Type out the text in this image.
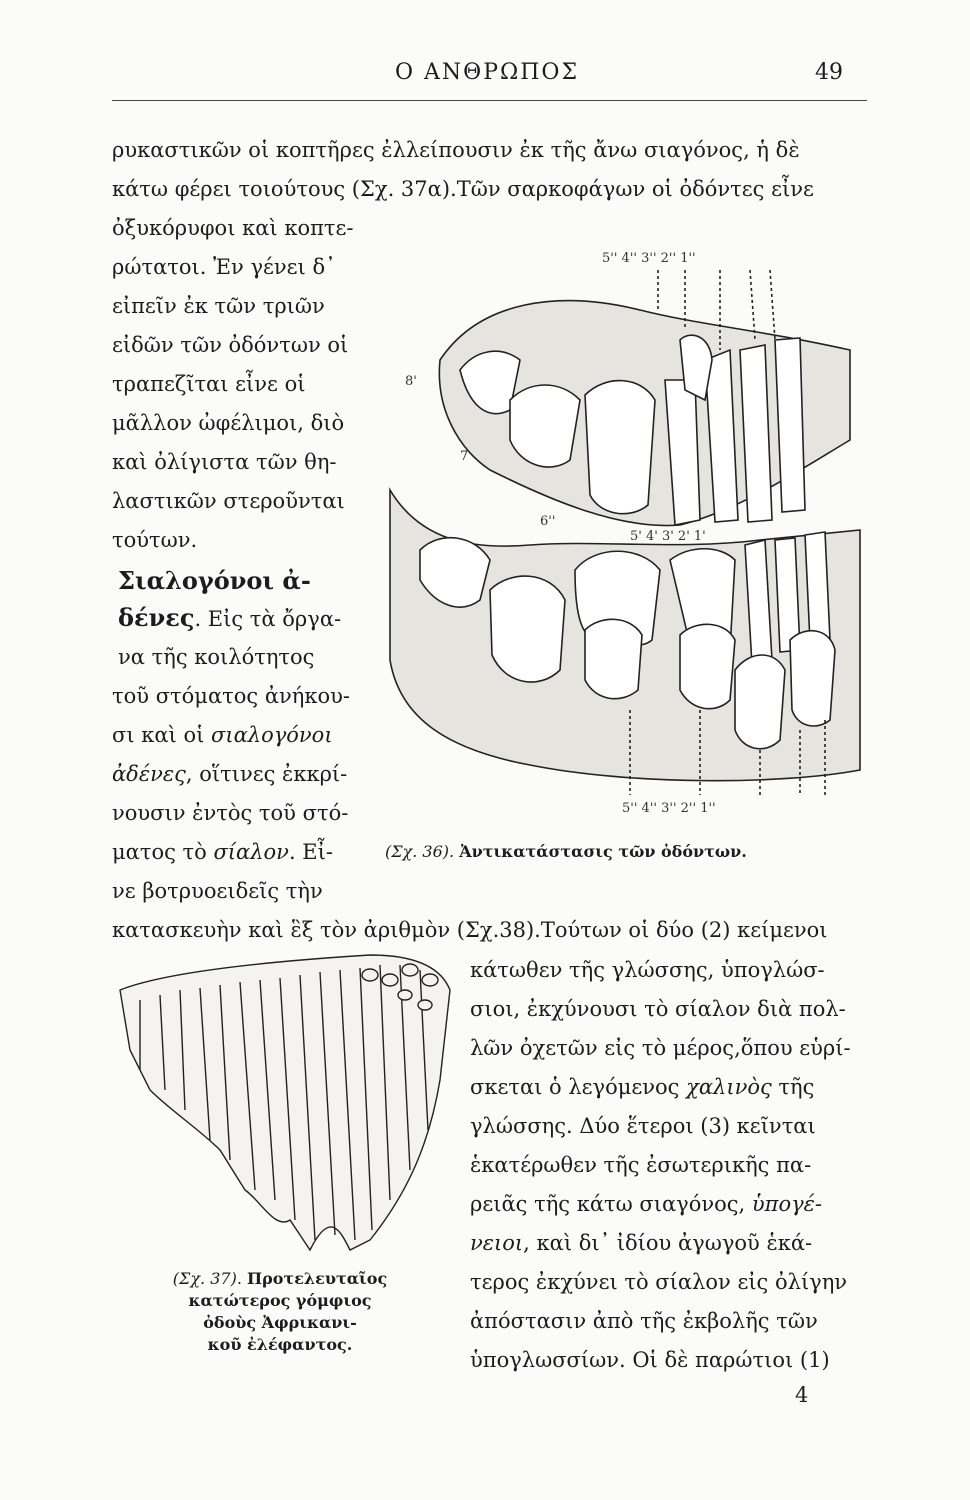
Ο ΑΝΘΡΩΠΟΣ	49
ρυκαστικῶν οἱ κοπτῆρες ἐλλείπουσιν ἐκ τῆς ἄνω σιαγόνος, ἡ δὲ
κάτω φέρει τοιούτους (Σχ. 37α).Τῶν σαρκοφάγων οἱ ὀδόντες εἶνε
ὀξυκόρυφοι καὶ κοπτε-
ρώτατοι. Ἐν γένει δ᾽
εἰπεῖν ἐκ τῶν τριῶν
εἰδῶν τῶν ὀδόντων οἱ
τραπεζῖται εἶνε οἱ
μᾶλλον ὠφέλιμοι, διὸ
καὶ ὀλίγιστα τῶν θη-
λαστικῶν στεροῦνται
τούτων.
Σιαλογόνοι ἀ-
δένες. Εἰς τὰ ὄργα-
να τῆς κοιλότητος
τοῦ στόματος ἀνήκου-
σι καὶ οἱ σιαλογόνοι
ἀδένες, οἵτινες ἐκκρί-
νουσιν ἐντὸς τοῦ στό-
ματος τὸ σίαλον. Εἶ-
νε βοτρυοειδεῖς τὴν
κατασκευὴν καὶ ἓξ τὸν ἀριθμὸν (Σχ.38).Τούτων οἱ δύο (2) κείμενοι
κάτωθεν τῆς γλώσσης, ὑπογλώσ-
σιοι, ἐκχύνουσι τὸ σίαλον διὰ πολ-
λῶν ὀχετῶν εἰς τὸ μέρος,ὅπου εὑρί-
σκεται ὁ λεγόμενος χαλινὸς τῆς
γλώσσης. Δύο ἕτεροι (3) κεῖνται
ἑκατέρωθεν τῆς ἐσωτερικῆς πα-
ρειᾶς τῆς κάτω σιαγόνος, ὑπογέ-
νειοι, καὶ δι᾽ ἰδίου ἀγωγοῦ ἑκά-
τερος ἐκχύνει τὸ σίαλον εἰς ὀλίγην
ἀπόστασιν ἀπὸ τῆς ἐκβολῆς τῶν
ὑπογλωσσίων. Οἱ δὲ παρώτιοι (1)
4
5'' 4'' 3'' 2'' 1''
8'
7'
6''
5' 4' 3' 2' 1'
5'' 4'' 3'' 2'' 1''
(Σχ. 36). Ἀντικατάστασις τῶν ὀδόντων.
(Σχ. 37). Προτελευταῖος
κατώτερος γόμφιος
ὀδοὺς Ἀφρικανι-
κοῦ ἐλέφαντος.
